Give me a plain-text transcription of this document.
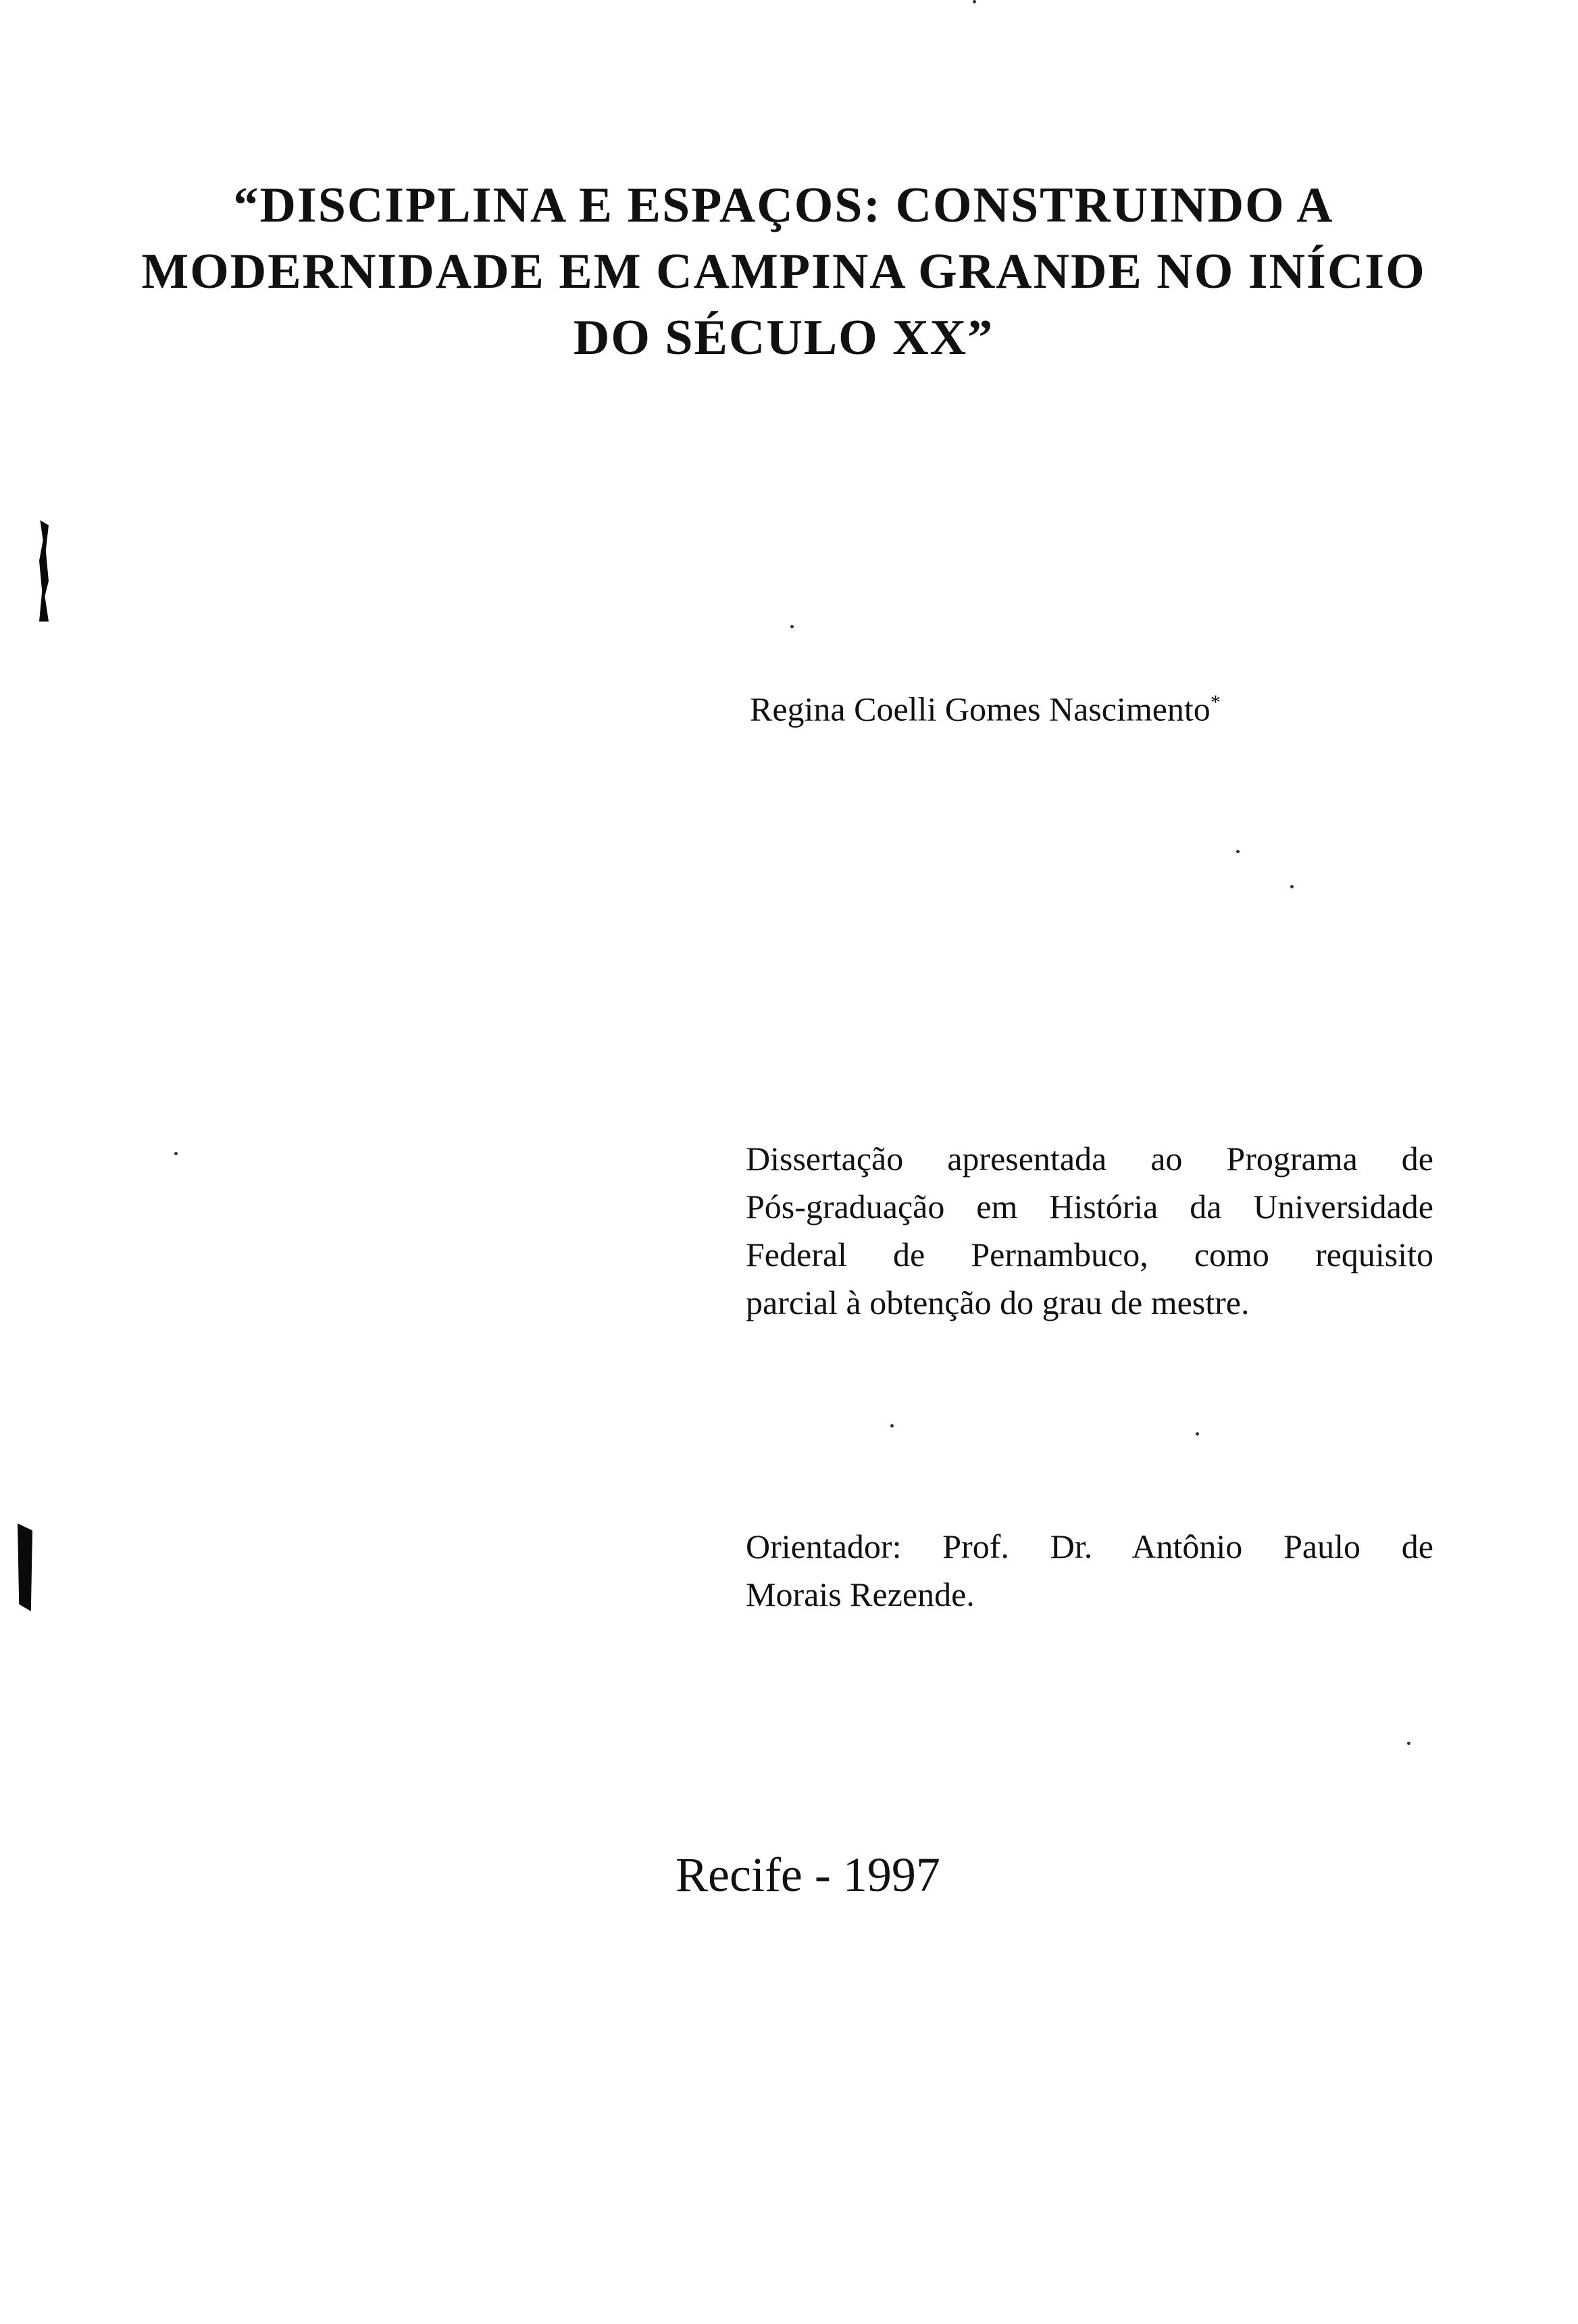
“DISCIPLINA E ESPAÇOS: CONSTRUINDO A
MODERNIDADE EM CAMPINA GRANDE NO INÍCIO
DO SÉCULO XX”
Regina Coelli Gomes Nascimento*
Dissertação apresentada ao Programa de
Pós-graduação em História da Universidade
Federal de Pernambuco, como requisito
parcial à obtenção do grau de mestre.
Orientador: Prof. Dr. Antônio Paulo de
Morais Rezende.
Recife - 1997
